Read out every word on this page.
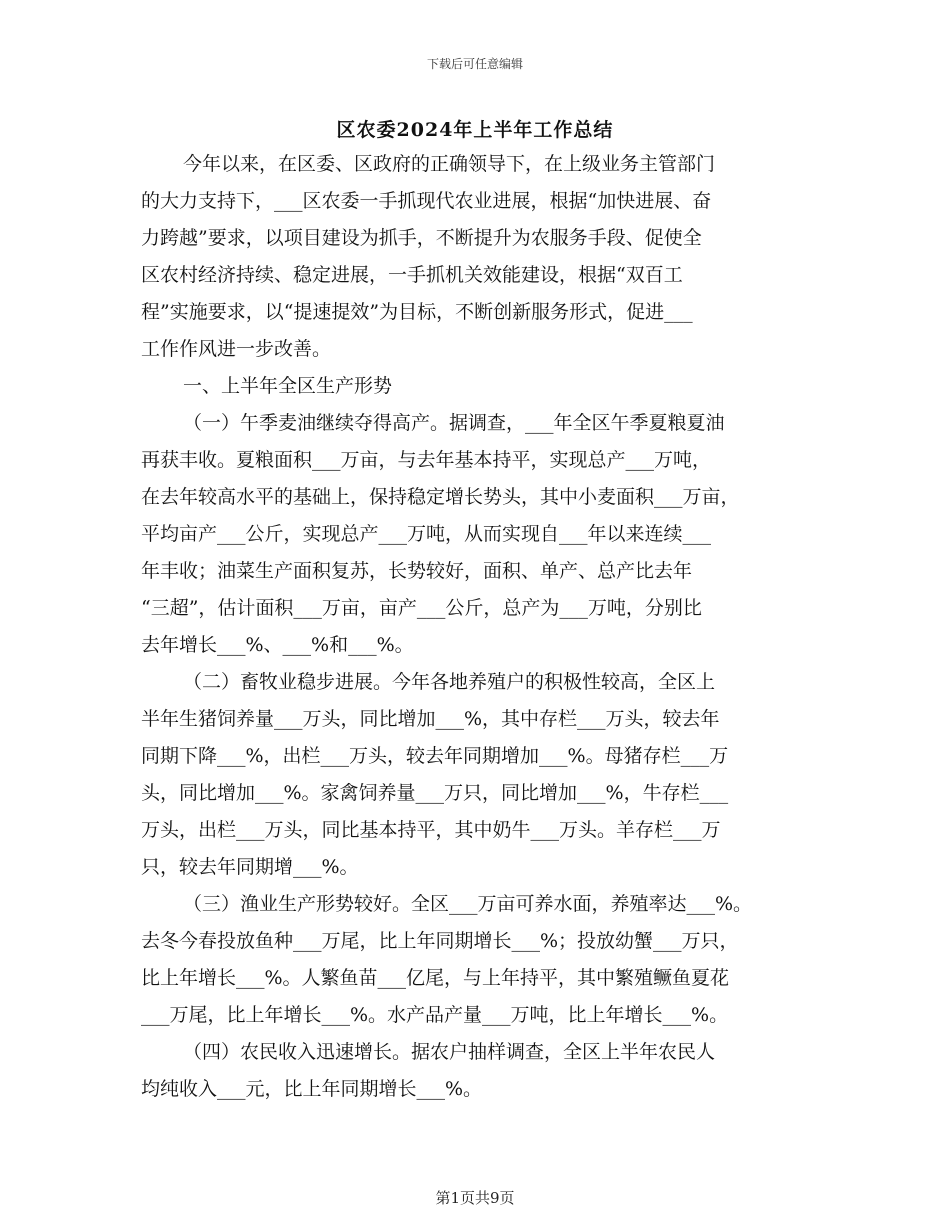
下载后可任意编辑
区农委2024年上半年工作总结
今年以来，在区委、区政府的正确领导下，在上级业务主管部门
的大力支持下，___区农委一手抓现代农业进展，根据“加快进展、奋
力跨越”要求，以项目建设为抓手，不断提升为农服务手段、促使全
区农村经济持续、稳定进展，一手抓机关效能建设，根据“双百工
程”实施要求，以“提速提效”为目标，不断创新服务形式，促进___
工作作风进一步改善。
一、上半年全区生产形势
（一）午季麦油继续夺得高产。据调查，___年全区午季夏粮夏油
再获丰收。夏粮面积___万亩，与去年基本持平，实现总产___万吨，
在去年较高水平的基础上，保持稳定增长势头，其中小麦面积___万亩，
平均亩产___公斤，实现总产___万吨，从而实现自___年以来连续___
年丰收；油菜生产面积复苏，长势较好，面积、单产、总产比去年
“三超”，估计面积___万亩，亩产___公斤，总产为___万吨，分别比
去年增长___%、___%和___%。
（二）畜牧业稳步进展。今年各地养殖户的积极性较高，全区上
半年生猪饲养量___万头，同比增加___%，其中存栏___万头，较去年
同期下降___%，出栏___万头，较去年同期增加___%。母猪存栏___万
头，同比增加___%。家禽饲养量___万只，同比增加___%，牛存栏___
万头，出栏___万头，同比基本持平，其中奶牛___万头。羊存栏___万
只，较去年同期增___%。
（三）渔业生产形势较好。全区___万亩可养水面，养殖率达___%。
去冬今春投放鱼种___万尾，比上年同期增长___%；投放幼蟹___万只，
比上年增长___%。人繁鱼苗___亿尾，与上年持平，其中繁殖鳜鱼夏花
___万尾，比上年增长___%。水产品产量___万吨，比上年增长___%。
（四）农民收入迅速增长。据农户抽样调查，全区上半年农民人
均纯收入___元，比上年同期增长___%。
第1页共9页
